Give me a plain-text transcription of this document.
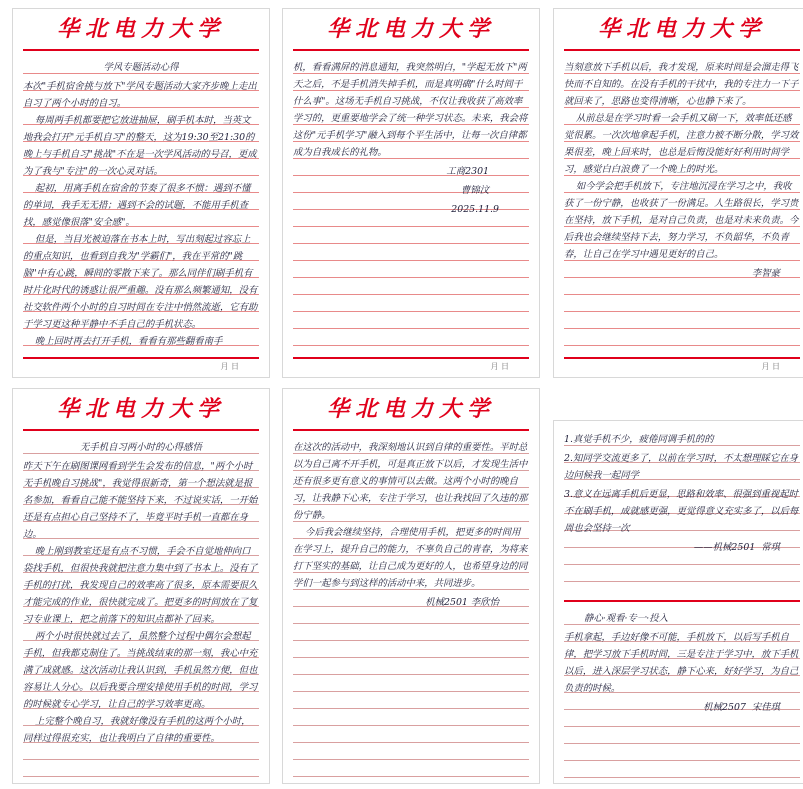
华北电力大学
学风专题活动心得
本次"手机宿舍挑与放下"学风专题活动大家齐步晚上走出自习了两个小时的自习。
每周两手机都要把它放进抽屉，刷手机本时，当英文地我会打开"元手机自习"的整天，这为19:30至21:30的晚上与手机自习"挑战"不在是一次学风活动的号召，更成为了我与"专注"的一次心灵对话。
起初，用离手机在宿舍的节奏了很多不惯：遇到不懂的单词，我手无无措；遇到不会的试题，不能用手机查找，感觉像很落"安全感"。
但是，当目光被迫落在书本上时，写出刻起过容忘上的重点知识，也看到自我为"学霸们"，我在平常的"跳脑"中有心跳，瞬间的零散下来了。那么同伴们刷手机有时片化时代的诱惑让很严重趣。没有那么频繁通知，没有社交软件两个小时的自习时间在专注中悄然流逝，它有助于学习更这种平静中不手自己的手机状态。
晚上回时再去打开手机，看看有那些翻看南手
月 日
华北电力大学
机，看看满屏的消息通知，我突然明白，"学起无放下"两天之后，不是手机消失掉手机，而是真明确"什么时间干什么事"。这场无手机自习挑战，不仅让我收获了高效率学习的，更重要地学会了统一种学习状态。未来，我会将这份"元手机学习"融入到每个平生活中，让每一次自律都成为自我成长的礼物。
工商2301
曹锦汶
2025.11.9
月 日
华北电力大学
当刻意放下手机以后，我才发现，原来时间是会溜走得飞快而不自知的。在没有手机的干扰中，我的专注力一下子就回来了，思路也变得清晰，心也静下来了。
从前总是在学习时看一会手机又刷一下，效率低还感觉很累。一次次地拿起手机，注意力被不断分散，学习效果很差，晚上回来时，也总是后悔没能好好利用时间学习，感觉白白浪费了一个晚上的时光。
如今学会把手机放下，专注地沉浸在学习之中，我收获了一份宁静，也收获了一份满足。人生路很长，学习贵在坚持，放下手机，是对自己负责，也是对未来负责。今后我也会继续坚持下去，努力学习，不负韶华，不负青春，让自己在学习中遇见更好的自己。
李智豪
月 日
华北电力大学
无手机自习两小时的心得感悟
昨天下午在刷图课网看到学生会发布的信息，"两个小时无手机晚自习挑战"，我觉得很新奇，第一个想法就是报名参加，看看自己能不能坚持下来，不过说实话，一开始还是有点担心自己坚持不了，毕竟平时手机一直都在身边。
晚上刚到教室还是有点不习惯，手会不自觉地伸向口袋找手机，但很快我就把注意力集中到了书本上。没有了手机的打扰，我发现自己的效率高了很多，原本需要很久才能完成的作业，很快就完成了。把更多的时间放在了复习专业课上，把之前落下的知识点都补了回来。
两个小时很快就过去了，虽然整个过程中偶尔会想起手机，但我都克制住了。当挑战结束的那一刻，我心中充满了成就感。这次活动让我认识到，手机虽然方便，但也容易让人分心。以后我要合理安排使用手机的时间，学习的时候就专心学习，让自己的学习效率更高。
上完整个晚自习，我就好像没有手机的这两个小时，同样过得很充实，也让我明白了自律的重要性。
华北电力大学
在这次的活动中，我深刻地认识到自律的重要性。平时总以为自己离不开手机，可是真正放下以后，才发现生活中还有很多更有意义的事情可以去做。这两个小时的晚自习，让我静下心来，专注于学习，也让我找回了久违的那份宁静。
今后我会继续坚持，合理使用手机，把更多的时间用在学习上，提升自己的能力，不辜负自己的青春，为将来打下坚实的基础，让自己成为更好的人，也希望身边的同学们一起参与到这样的活动中来，共同进步。
机械2501 李欣怡
1.真觉手机不少，疲倦同调手机的的
2.知同学交流更多了，以前在学习时，不太想理睬它在身边问候我一起同学
3.意义在远离手机后更显，思路和效率、很强到重视起时不在刷手机，成就感更强，更觉得意义充实多了，以后每周也会坚持一次
——机械2501  常琪
静心·观看·专一·投入
手机拿起，手边好像不可能，手机放下，以后写手机自律，把学习放下手机时间，三是专注于学习中，放下手机以后，进入深层学习状态，静下心来，好好学习，为自己负责的时候。
机械2507  宋佳琪
